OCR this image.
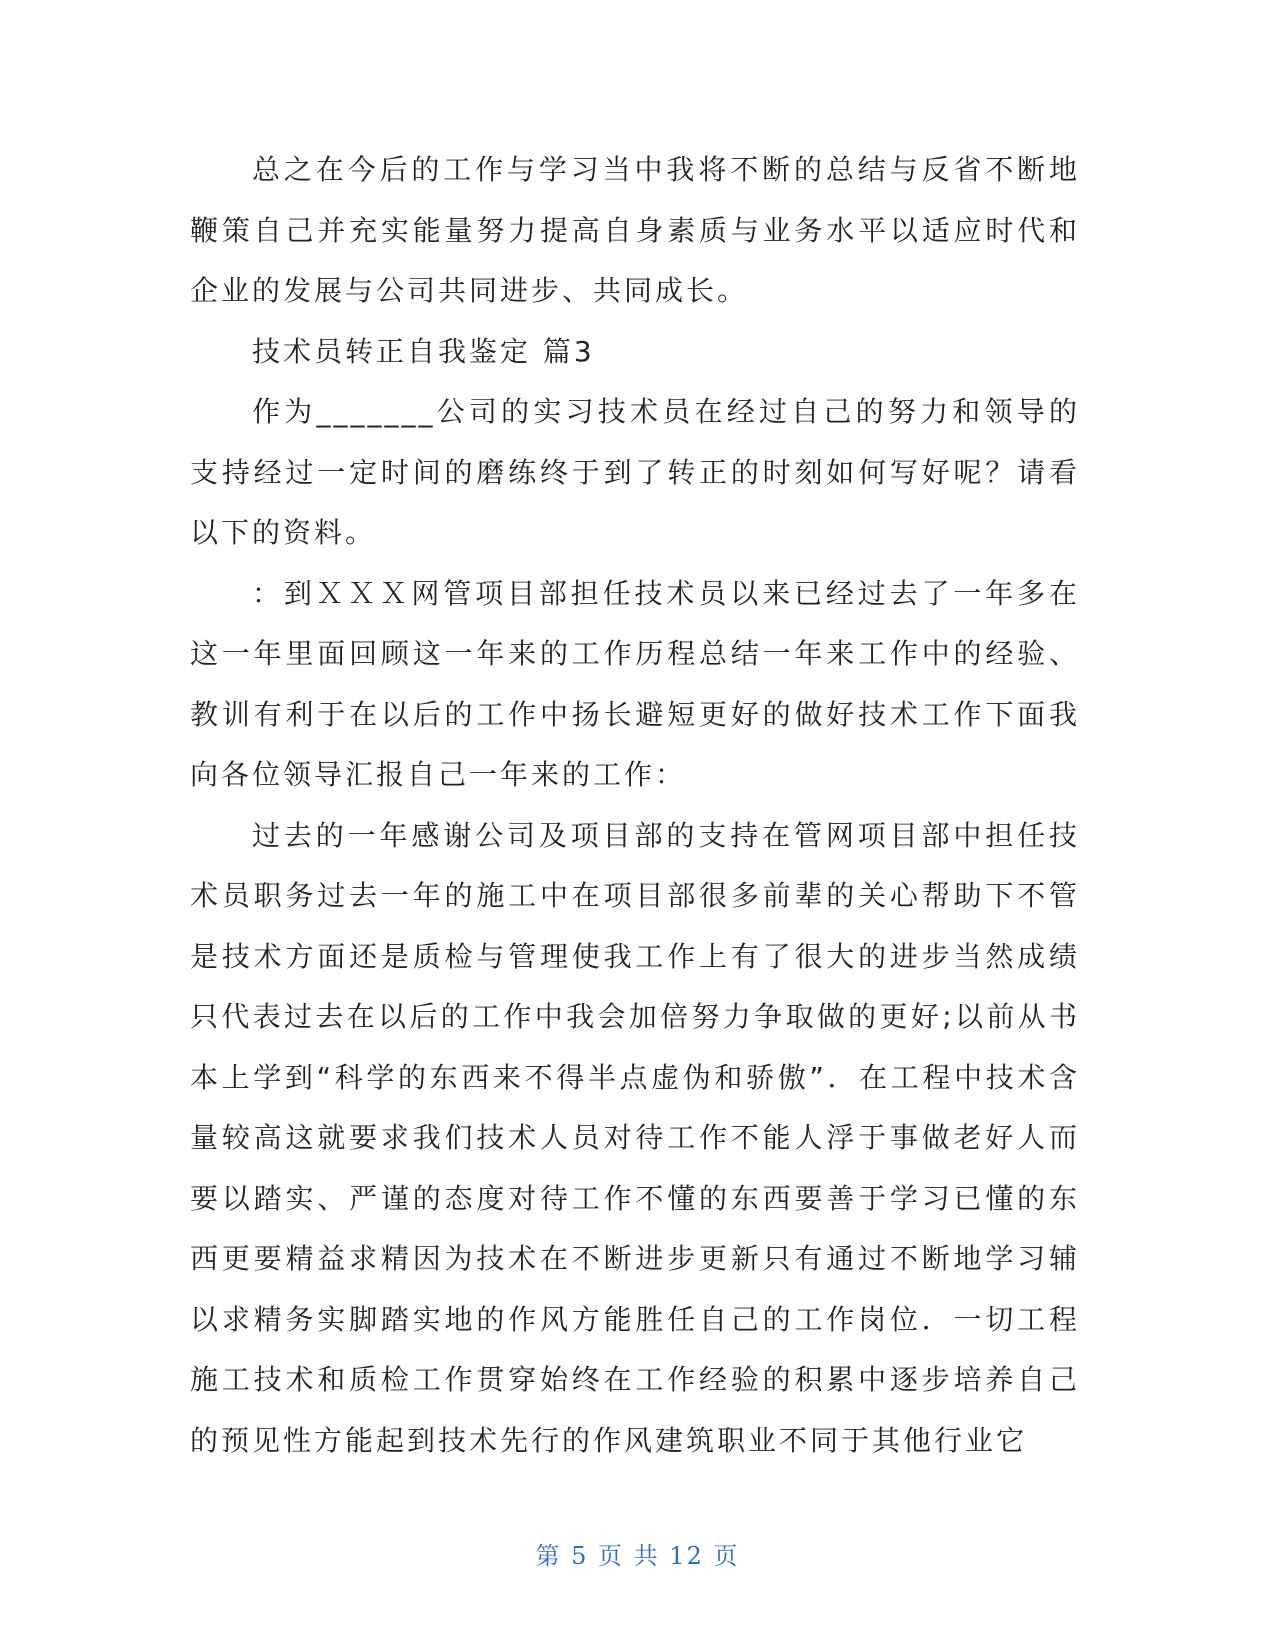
总之在今后的工作与学习当中我将不断的总结与反省不断地鞭策自己并充实能量努力提高自身素质与业务水平以适应时代和企业的发展与公司共同进步、共同成长。

技术员转正自我鉴定 篇3

作为_______公司的实习技术员在经过自己的努力和领导的支持经过一定时间的磨练终于到了转正的时刻如何写好呢？请看以下的资料。

：到ＸＸＸ网管项目部担任技术员以来已经过去了一年多在这一年里面回顾这一年来的工作历程总结一年来工作中的经验、教训有利于在以后的工作中扬长避短更好的做好技术工作下面我向各位领导汇报自己一年来的工作：

过去的一年感谢公司及项目部的支持在管网项目部中担任技术员职务过去一年的施工中在项目部很多前辈的关心帮助下不管是技术方面还是质检与管理使我工作上有了很大的进步当然成绩只代表过去在以后的工作中我会加倍努力争取做的更好;以前从书本上学到“科学的东西来不得半点虚伪和骄傲”．在工程中技术含量较高这就要求我们技术人员对待工作不能人浮于事做老好人而要以踏实、严谨的态度对待工作不懂的东西要善于学习已懂的东西更要精益求精因为技术在不断进步更新只有通过不断地学习辅以求精务实脚踏实地的作风方能胜任自己的工作岗位．一切工程施工技术和质检工作贯穿始终在工作经验的积累中逐步培养自己的预见性方能起到技术先行的作风建筑职业不同于其他行业它

第 5 页 共 12 页
